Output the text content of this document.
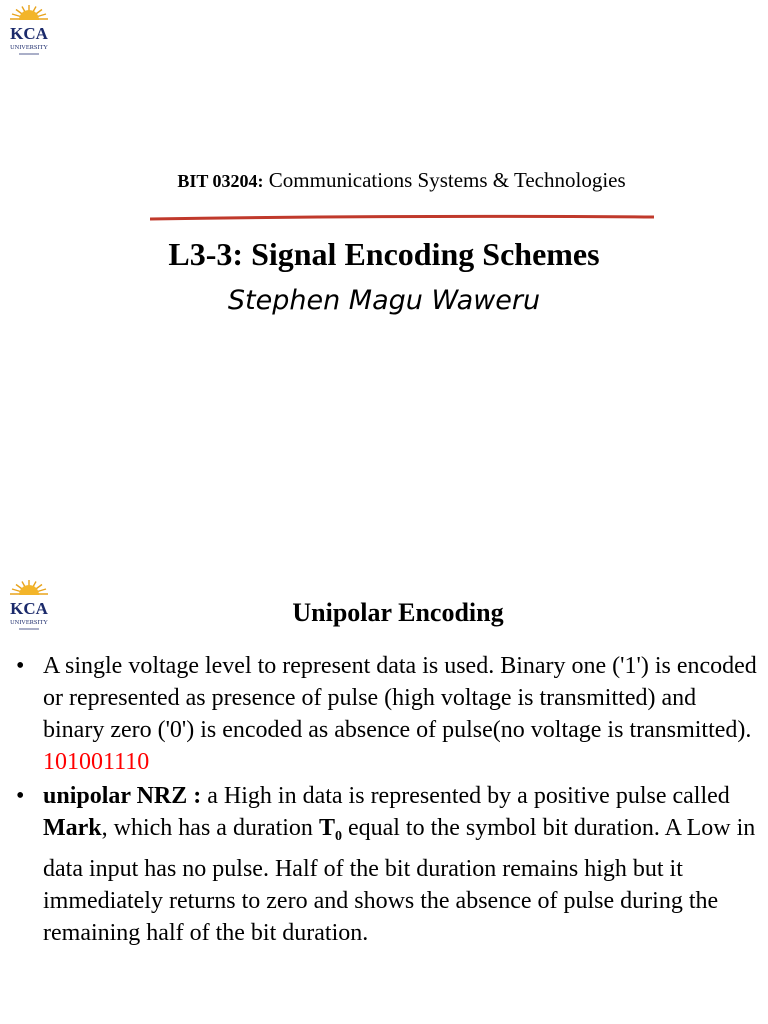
KCA
UNIVERSITY
BIT 03204: Communications Systems & Technologies
L3-3: Signal Encoding Schemes
Stephen Magu Waweru
KCA
UNIVERSITY	Unipolar Encoding
• A single voltage level to represent data is used. Binary one ('1') is encoded or represented as presence of pulse (high voltage is transmitted) and binary zero ('0') is encoded as absence of pulse(no voltage is transmitted). 101001110
• unipolar NRZ : a High in data is represented by a positive pulse called Mark, which has a duration $T_0$ equal to the symbol bit duration. A Low in data input has no pulse. Half of the bit duration remains high but it immediately returns to zero and shows the absence of pulse during the remaining half of the bit duration.
